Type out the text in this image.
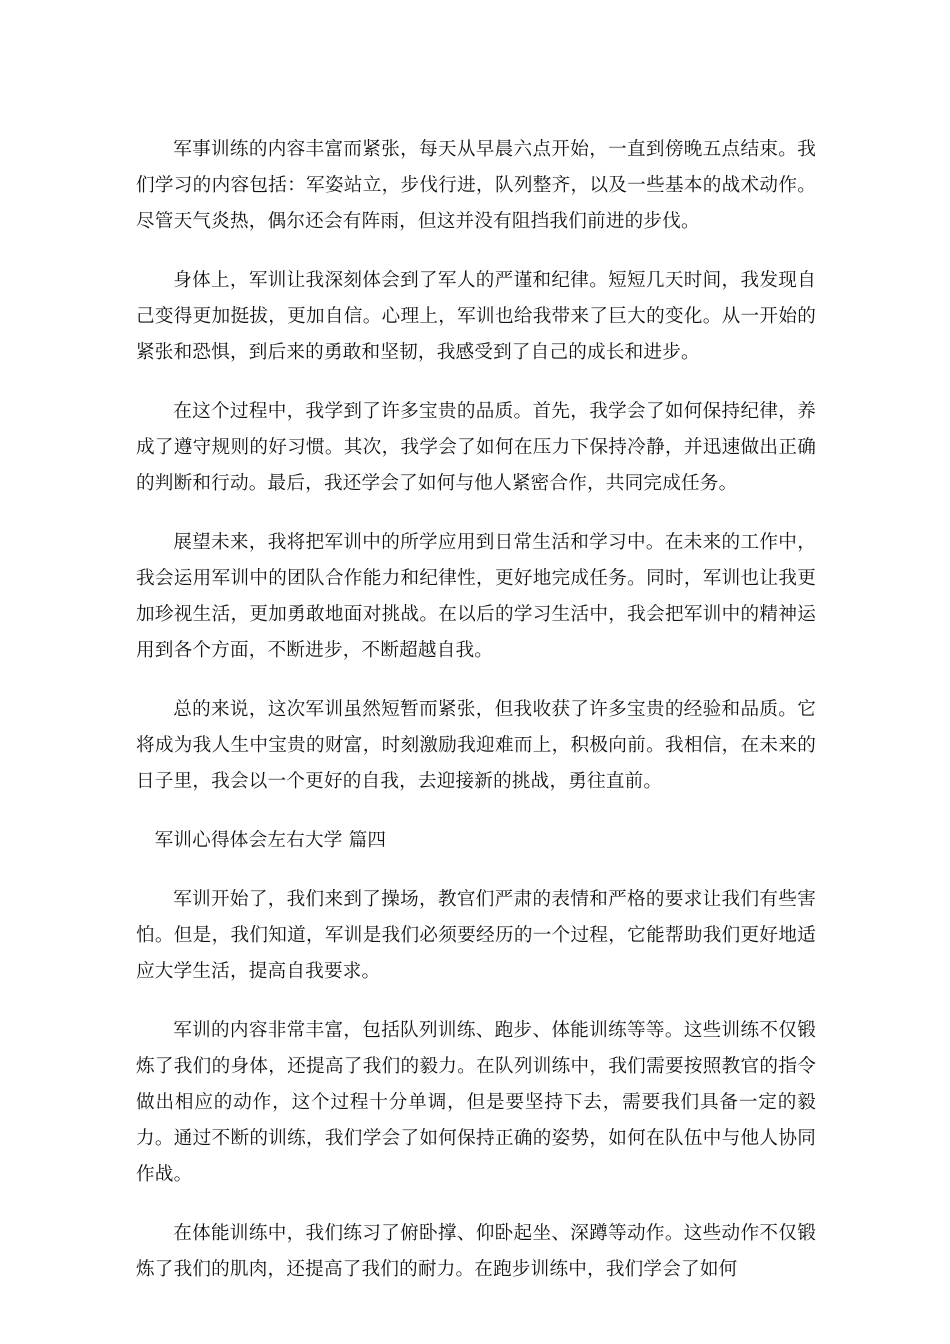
军事训练的内容丰富而紧张，每天从早晨六点开始，一直到傍晚五点结束。我们学习的内容包括：军姿站立，步伐行进，队列整齐，以及一些基本的战术动作。尽管天气炎热，偶尔还会有阵雨，但这并没有阻挡我们前进的步伐。

身体上，军训让我深刻体会到了军人的严谨和纪律。短短几天时间，我发现自己变得更加挺拔，更加自信。心理上，军训也给我带来了巨大的变化。从一开始的紧张和恐惧，到后来的勇敢和坚韧，我感受到了自己的成长和进步。

在这个过程中，我学到了许多宝贵的品质。首先，我学会了如何保持纪律，养成了遵守规则的好习惯。其次，我学会了如何在压力下保持冷静，并迅速做出正确的判断和行动。最后，我还学会了如何与他人紧密合作，共同完成任务。

展望未来，我将把军训中的所学应用到日常生活和学习中。在未来的工作中，我会运用军训中的团队合作能力和纪律性，更好地完成任务。同时，军训也让我更加珍视生活，更加勇敢地面对挑战。在以后的学习生活中，我会把军训中的精神运用到各个方面，不断进步，不断超越自我。

总的来说，这次军训虽然短暂而紧张，但我收获了许多宝贵的经验和品质。它将成为我人生中宝贵的财富，时刻激励我迎难而上，积极向前。我相信，在未来的日子里，我会以一个更好的自我，去迎接新的挑战，勇往直前。

军训心得体会左右大学 篇四

军训开始了，我们来到了操场，教官们严肃的表情和严格的要求让我们有些害怕。但是，我们知道，军训是我们必须要经历的一个过程，它能帮助我们更好地适应大学生活，提高自我要求。

军训的内容非常丰富，包括队列训练、跑步、体能训练等等。这些训练不仅锻炼了我们的身体，还提高了我们的毅力。在队列训练中，我们需要按照教官的指令做出相应的动作，这个过程十分单调，但是要坚持下去，需要我们具备一定的毅力。通过不断的训练，我们学会了如何保持正确的姿势，如何在队伍中与他人协同作战。

在体能训练中，我们练习了俯卧撑、仰卧起坐、深蹲等动作。这些动作不仅锻炼了我们的肌肉，还提高了我们的耐力。在跑步训练中，我们学会了如何
